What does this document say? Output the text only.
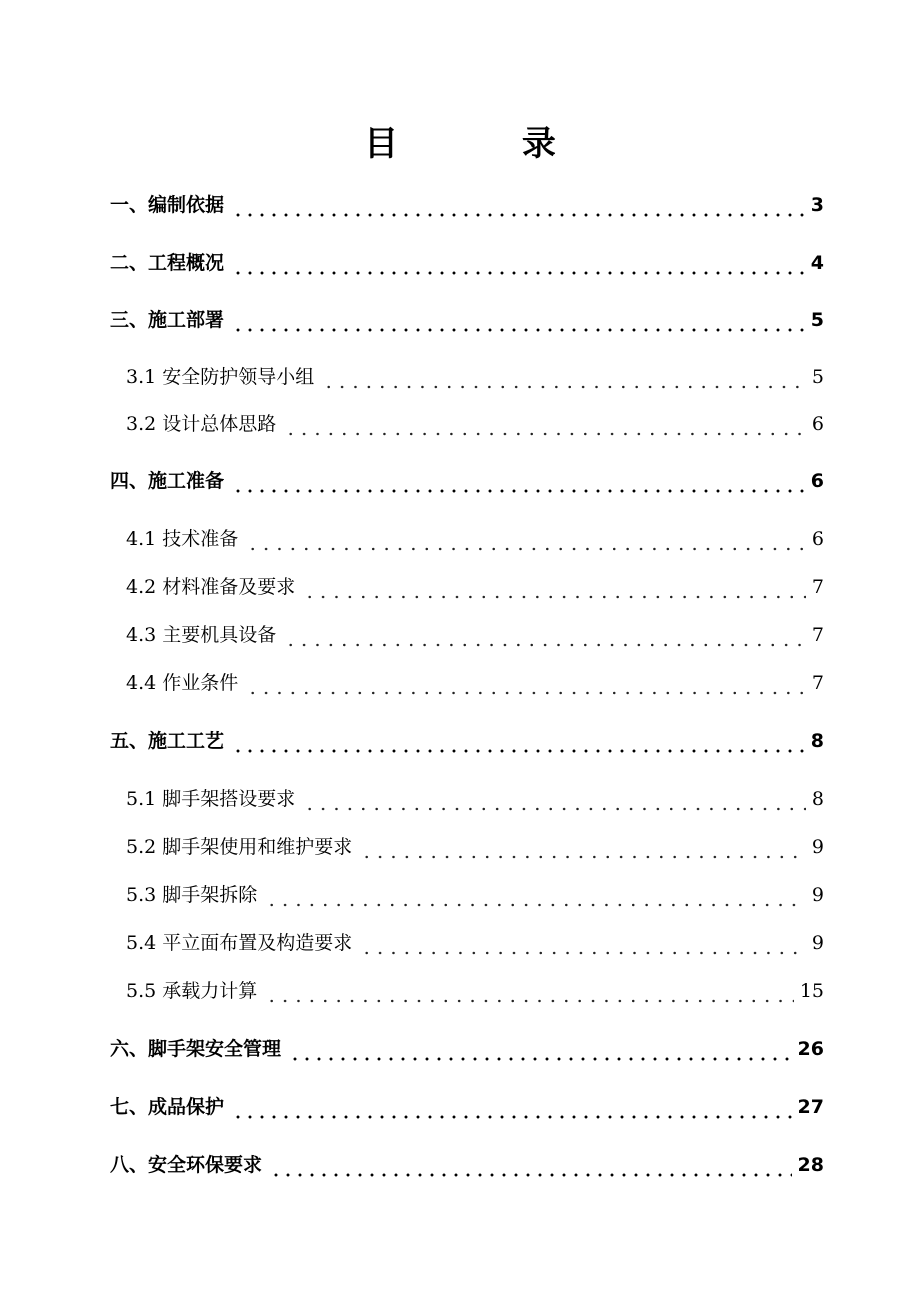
目 录
一、编制依据	3
二、工程概况	4
三、施工部署	5
3.1 安全防护领导小组	5
3.2 设计总体思路	6
四、施工准备	6
4.1 技术准备	6
4.2 材料准备及要求	7
4.3 主要机具设备	7
4.4 作业条件	7
五、施工工艺	8
5.1 脚手架搭设要求	8
5.2 脚手架使用和维护要求	9
5.3 脚手架拆除	9
5.4 平立面布置及构造要求	9
5.5 承载力计算	15
六、脚手架安全管理	26
七、成品保护	27
八、安全环保要求	28
